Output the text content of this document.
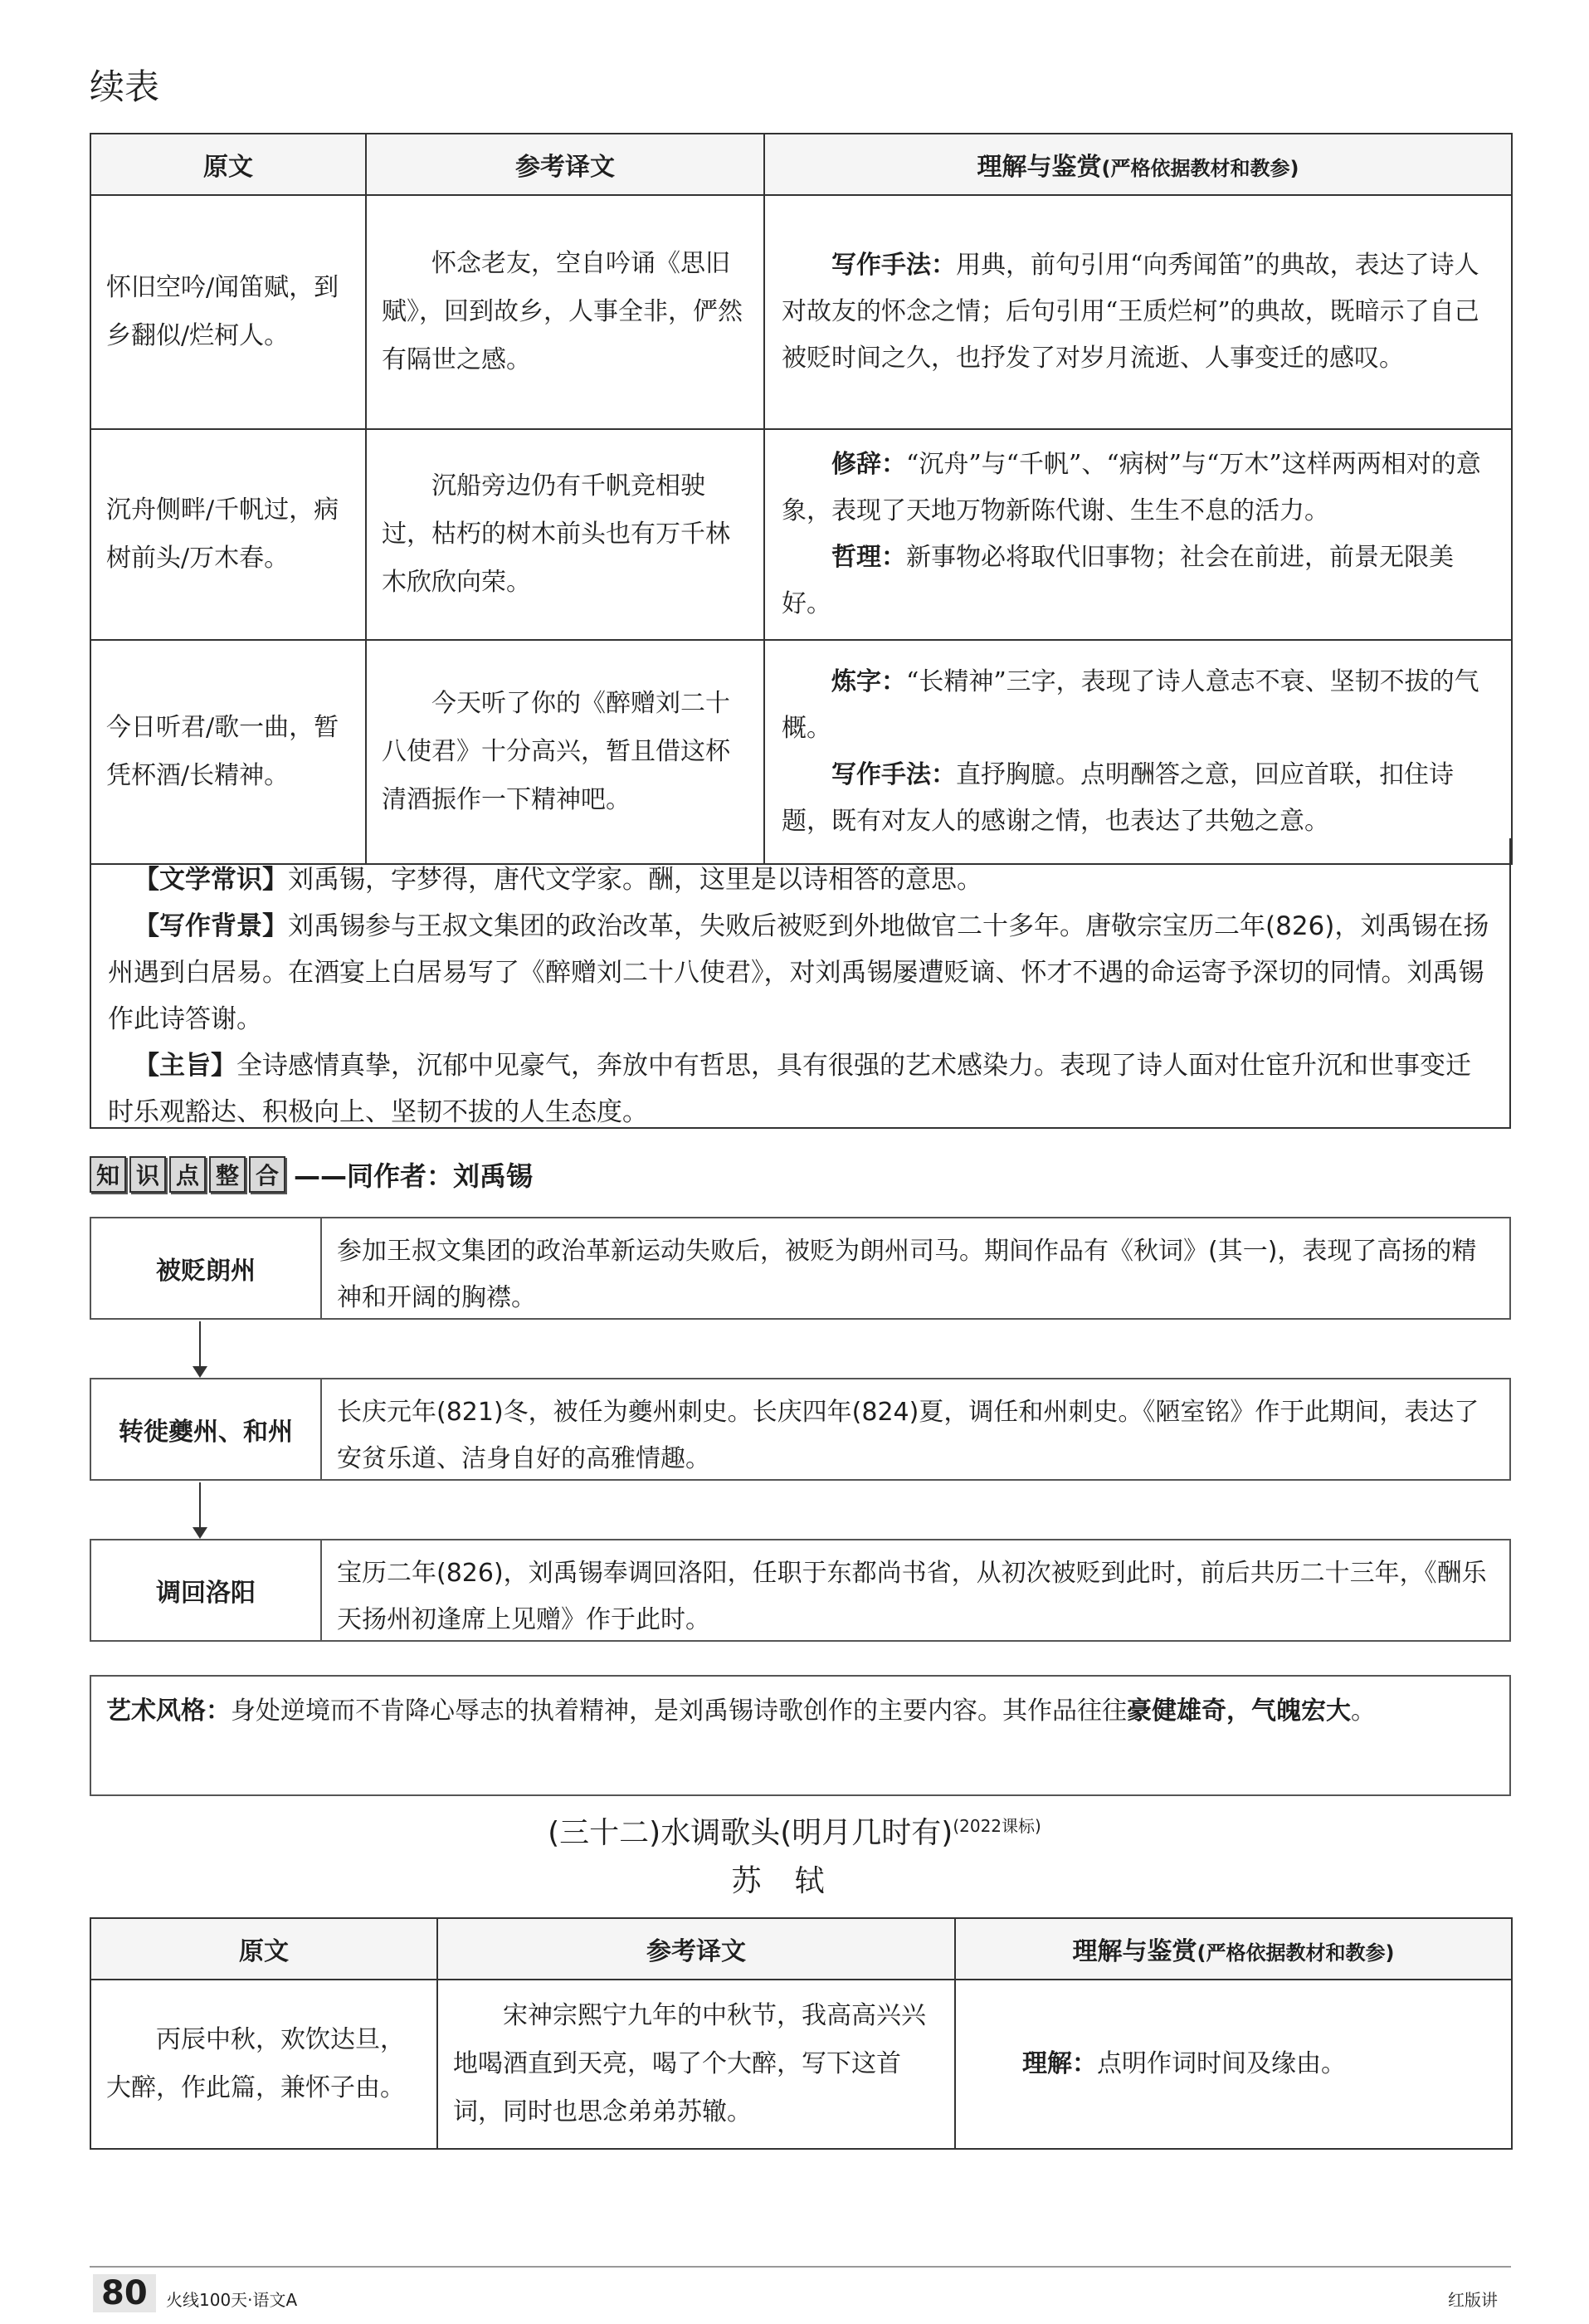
续表
原文	参考译文	理解与鉴赏(严格依据教材和教参)
怀旧空吟/闻笛赋，到乡翻似/烂柯人。	怀念老友，空自吟诵《思旧赋》，回到故乡，人事全非，俨然有隔世之感。	写作手法：用典，前句引用“向秀闻笛”的典故，表达了诗人对故友的怀念之情；后句引用“王质烂柯”的典故，既暗示了自己被贬时间之久，也抒发了对岁月流逝、人事变迁的感叹。

沉舟侧畔/千帆过，病树前头/万木春。	沉船旁边仍有千帆竞相驶过，枯朽的树木前头也有万千林木欣欣向荣。	修辞：“沉舟”与“千帆”、“病树”与“万木”这样两两相对的意象，表现了天地万物新陈代谢、生生不息的活力。
哲理：新事物必将取代旧事物；社会在前进，前景无限美好。

今日听君/歌一曲，暂凭杯酒/长精神。	今天听了你的《醉赠刘二十八使君》十分高兴，暂且借这杯清酒振作一下精神吧。	炼字：“长精神”三字，表现了诗人意志不衰、坚韧不拔的气概。
写作手法：直抒胸臆。点明酬答之意，回应首联，扣住诗题，既有对友人的感谢之情，也表达了共勉之意。

【文学常识】刘禹锡，字梦得，唐代文学家。酬，这里是以诗相答的意思。

【写作背景】刘禹锡参与王叔文集团的政治改革，失败后被贬到外地做官二十多年。唐敬宗宝历二年(826)，刘禹锡在扬州遇到白居易。在酒宴上白居易写了《醉赠刘二十八使君》，对刘禹锡屡遭贬谪、怀才不遇的命运寄予深切的同情。刘禹锡作此诗答谢。

【主旨】全诗感情真挚，沉郁中见豪气，奔放中有哲思，具有很强的艺术感染力。表现了诗人面对仕宦升沉和世事变迁时乐观豁达、积极向上、坚韧不拔的人生态度。

知 识 点 整 合 ——同作者：刘禹锡
被贬朗州
参加王叔文集团的政治革新运动失败后，被贬为朗州司马。期间作品有《秋词》(其一)，表现了高扬的精神和开阔的胸襟。
转徙夔州、和州
长庆元年(821)冬，被任为夔州刺史。长庆四年(824)夏，调任和州刺史。《陋室铭》作于此期间，表达了安贫乐道、洁身自好的高雅情趣。
调回洛阳
宝历二年(826)，刘禹锡奉调回洛阳，任职于东都尚书省，从初次被贬到此时，前后共历二十三年，《酬乐天扬州初逢席上见赠》作于此时。
艺术风格：身处逆境而不肯降心辱志的执着精神，是刘禹锡诗歌创作的主要内容。其作品往往豪健雄奇，气魄宏大。
(三十二)水调歌头(明月几时有)$^{(2022课标)}$
苏轼
原文	参考译文	理解与鉴赏(严格依据教材和教参)
丙辰中秋，欢饮达旦，大醉，作此篇，兼怀子由。	宋神宗熙宁九年的中秋节，我高高兴兴地喝酒直到天亮，喝了个大醉，写下这首词，同时也思念弟弟苏辙。	理解：点明作词时间及缘由。
80	火线100天·语文A	红版讲
